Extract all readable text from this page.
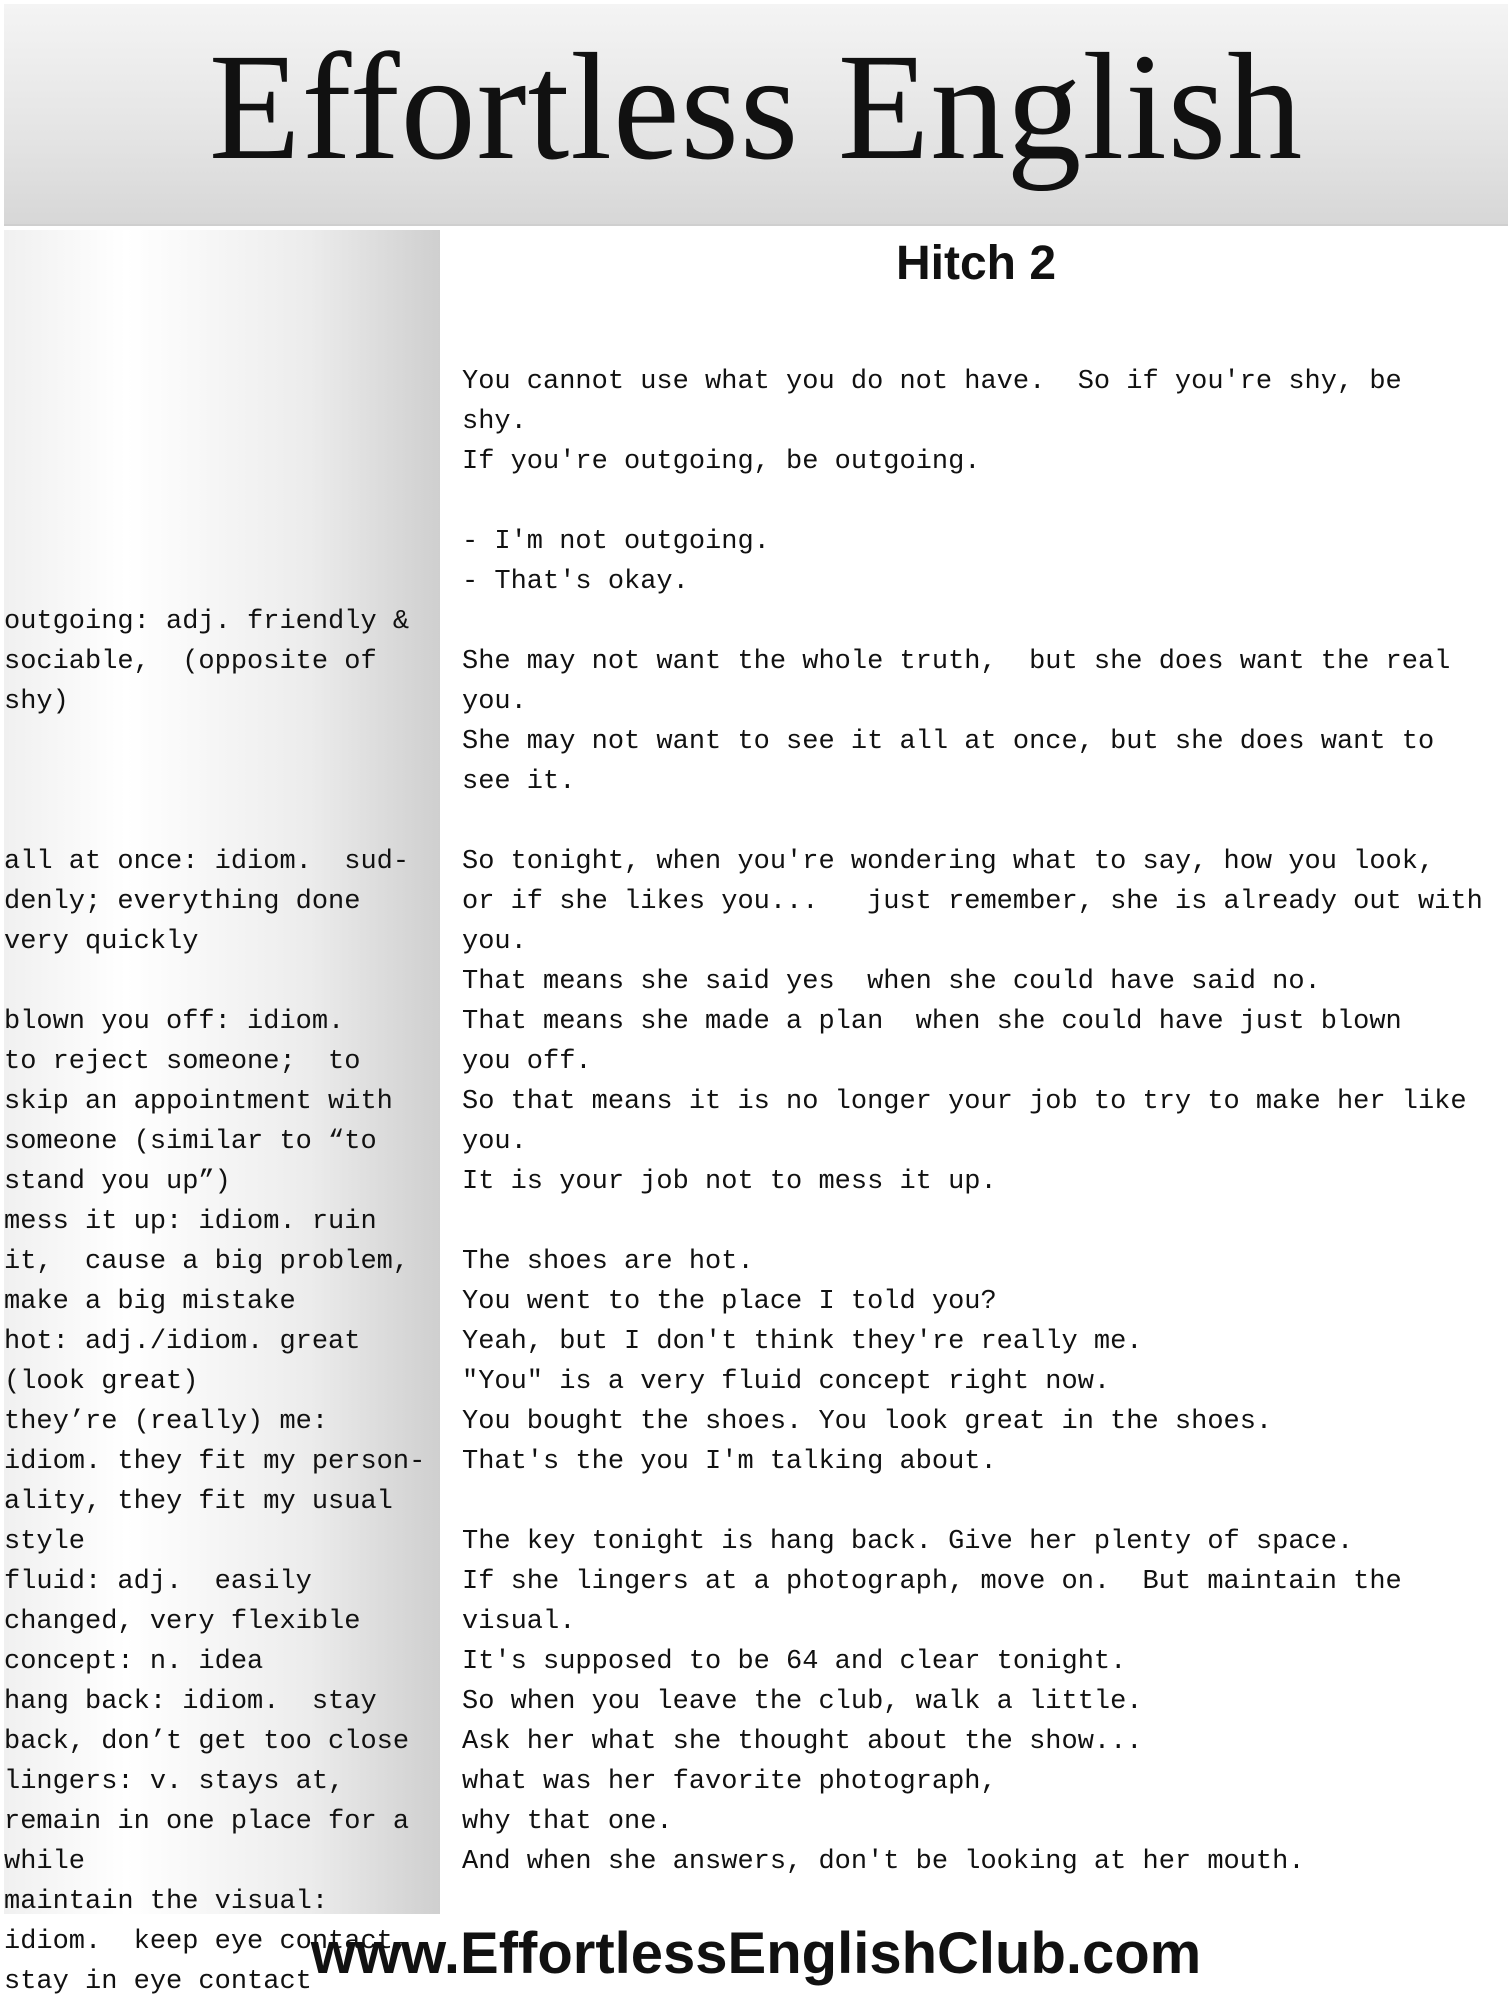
Effortless English
outgoing: adj. friendly &
sociable,  (opposite of
shy)

all at once: idiom.  sud-
denly; everything done
very quickly

blown you off: idiom.
to reject someone;  to
skip an appointment with
someone (similar to “to
stand you up”)
mess it up: idiom. ruin
it,  cause a big problem,
make a big mistake
hot: adj./idiom. great
(look great)
they’re (really) me:
idiom. they fit my person-
ality, they fit my usual
style
fluid: adj.  easily
changed, very flexible
concept: n. idea
hang back: idiom.  stay
back, don’t get too close
lingers: v. stays at,
remain in one place for a
while
maintain the visual:
idiom.  keep eye contact,
stay in eye contact
Hitch 2
You cannot use what you do not have.  So if you're shy, be
shy.
If you're outgoing, be outgoing.

- I'm not outgoing.
- That's okay.

She may not want the whole truth,  but she does want the real
you.
She may not want to see it all at once, but she does want to
see it.

So tonight, when you're wondering what to say, how you look,
or if she likes you...   just remember, she is already out with
you.
That means she said yes  when she could have said no.
That means she made a plan  when she could have just blown
you off.
So that means it is no longer your job to try to make her like
you.
It is your job not to mess it up.

The shoes are hot.
You went to the place I told you?
Yeah, but I don't think they're really me.
"You" is a very fluid concept right now.
You bought the shoes. You look great in the shoes.
That's the you I'm talking about.

The key tonight is hang back. Give her plenty of space.
If she lingers at a photograph, move on.  But maintain the
visual.
It's supposed to be 64 and clear tonight.
So when you leave the club, walk a little.
Ask her what she thought about the show...
what was her favorite photograph,
why that one.
And when she answers, don't be looking at her mouth.
www.EffortlessEnglishClub.com
